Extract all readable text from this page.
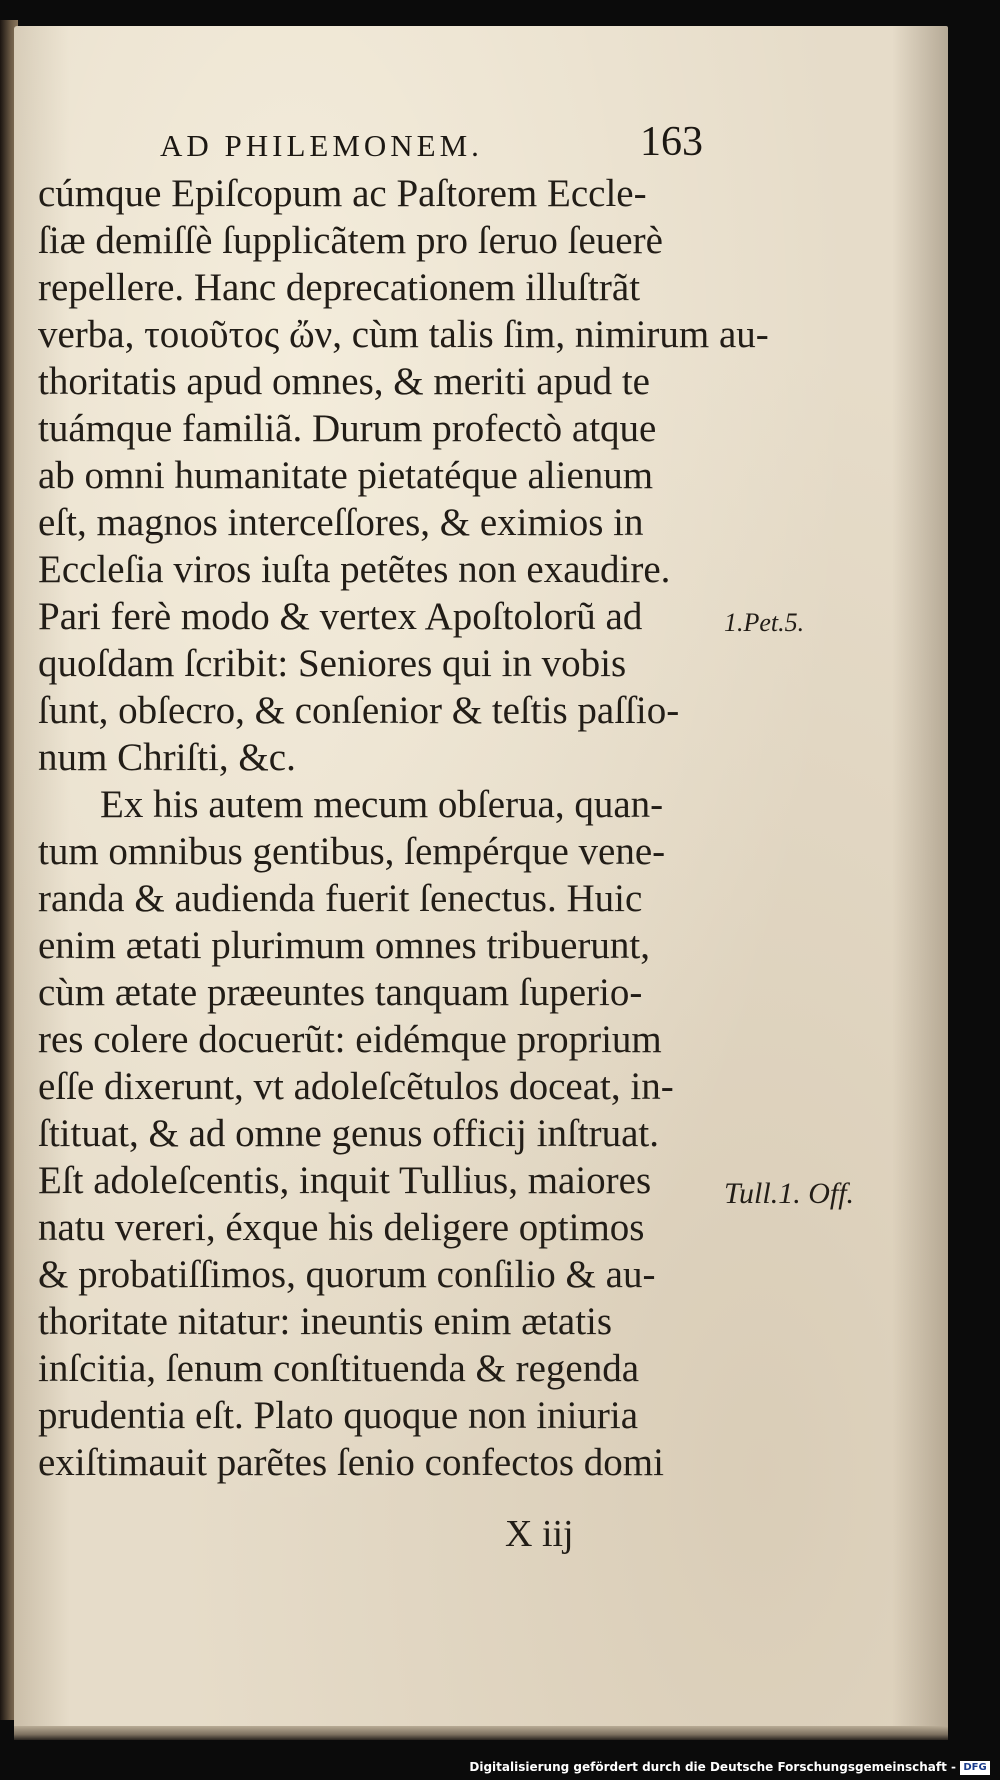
AD PHILEMONEM.	163
cúmque Epiſcopum ac Paſtorem Eccle-
ſiæ demiſſè ſupplicãtem pro ſeruo ſeuerè
repellere. Hanc deprecationem illuſtrãt
verba, τοιοῦτος ὤν, cùm talis ſim, nimirum au-
thoritatis apud omnes, & meriti apud te
tuámque familiã. Durum profectò atque
ab omni humanitate pietatéque alienum
eſt, magnos interceſſores, & eximios in
Eccleſia viros iuſta petẽtes non exaudire.
Pari ferè modo & vertex Apoſtolorũ ad
quoſdam ſcribit: Seniores qui in vobis
ſunt, obſecro, & conſenior & teſtis paſſio-
num Chriſti, &c.
Ex his autem mecum obſerua, quan-
tum omnibus gentibus, ſempérque vene-
randa & audienda fuerit ſenectus. Huic
enim ætati plurimum omnes tribuerunt,
cùm ætate præeuntes tanquam ſuperio-
res colere docuerũt: eidémque proprium
eſſe dixerunt, vt adoleſcẽtulos doceat, in-
ſtituat, & ad omne genus officij inſtruat.
Eſt adoleſcentis, inquit Tullius, maiores
natu vereri, éxque his deligere optimos
& probatiſſimos, quorum conſilio & au-
thoritate nitatur: ineuntis enim ætatis
inſcitia, ſenum conſtituenda & regenda
prudentia eſt. Plato quoque non iniuria
exiſtimauit parẽtes ſenio confectos domi
1.Pet.5.
Tull.1. Off.
X iij
Digitalisierung gefördert durch die Deutsche Forschungsgemeinschaft - DFG
